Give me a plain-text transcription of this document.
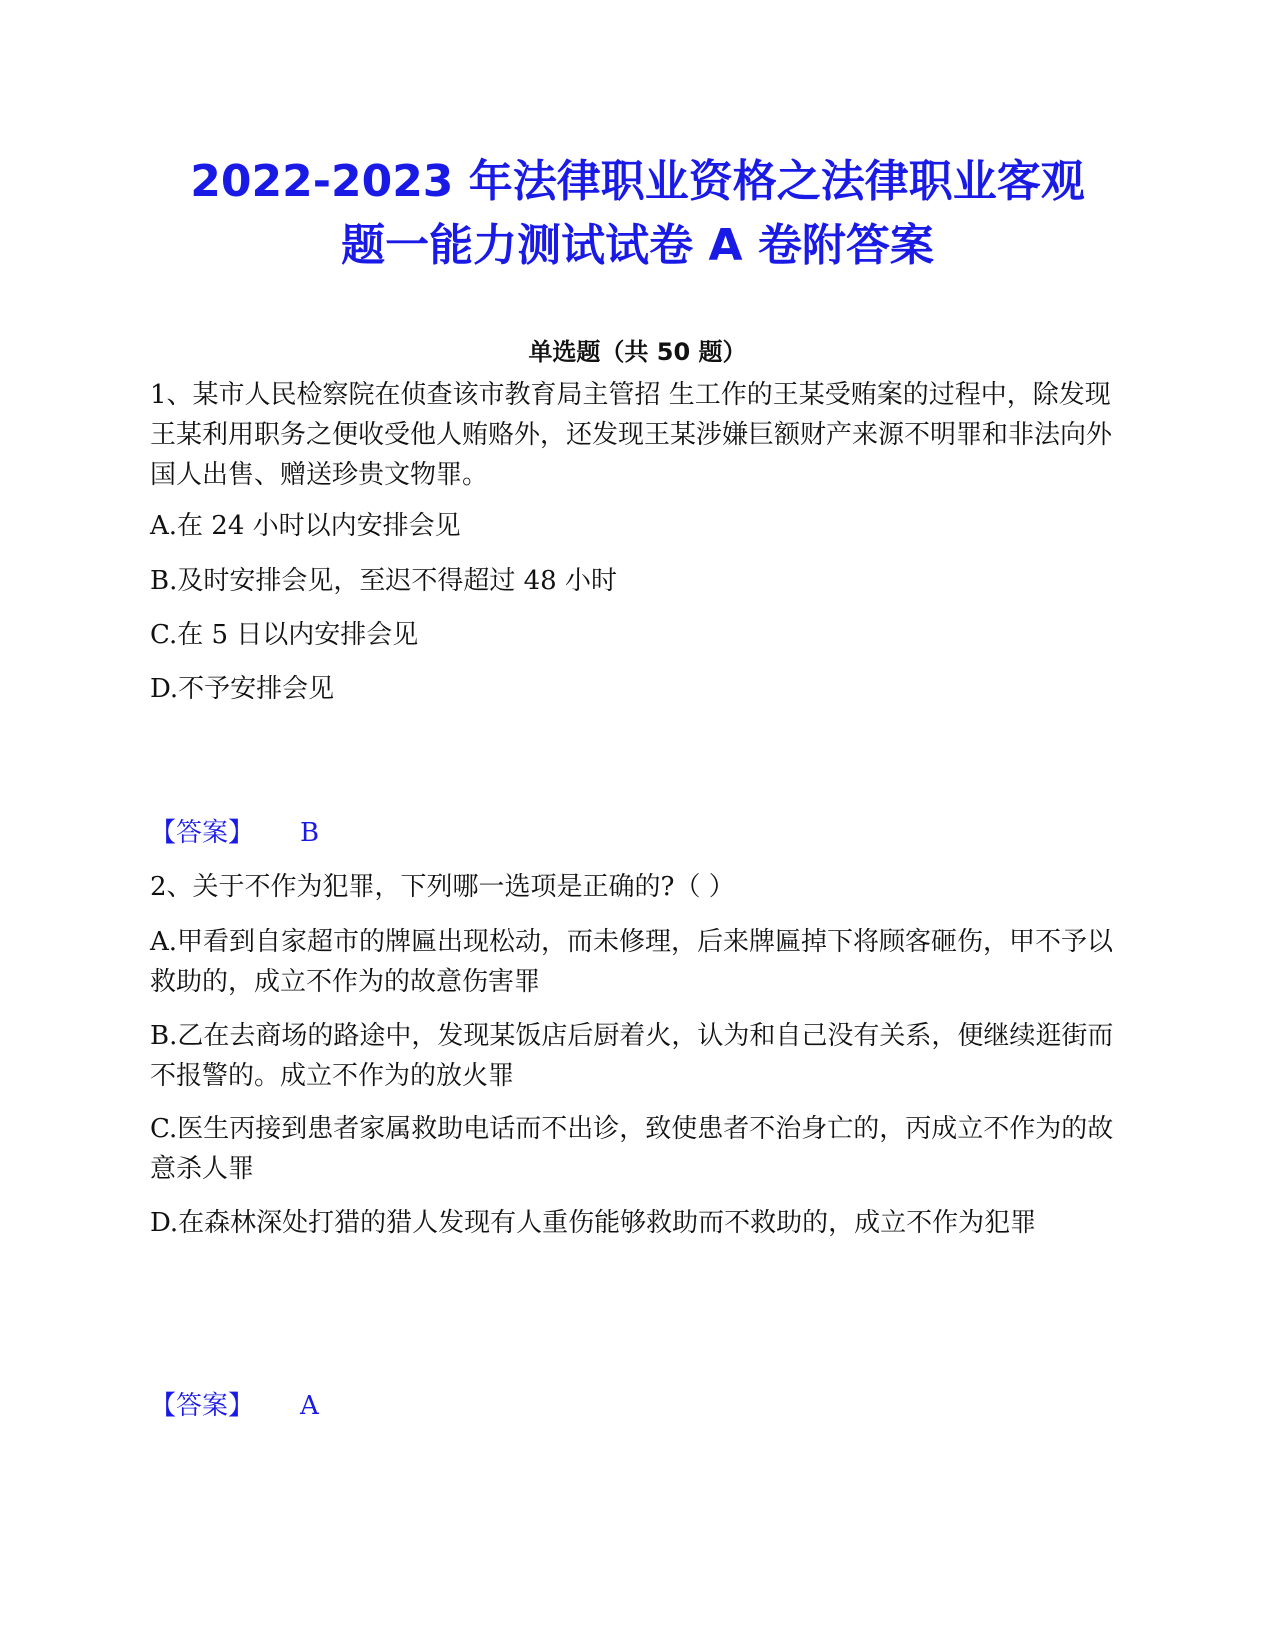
2022-2023 年法律职业资格之法律职业客观
题一能力测试试卷 A 卷附答案
单选题（共 50 题）

1、某市人民检察院在侦查该市教育局主管招 生工作的王某受贿案的过程中，除发现王某利用职务之便收受他人贿赂外，还发现王某涉嫌巨额财产来源不明罪和非法向外国人出售、赠送珍贵文物罪。

A.在 24 小时以内安排会见

B.及时安排会见，至迟不得超过 48 小时

C.在 5 日以内安排会见

D.不予安排会见

【答案】 B

2、关于不作为犯罪，下列哪一选项是正确的?（ ）

A.甲看到自家超市的牌匾出现松动，而未修理，后来牌匾掉下将顾客砸伤，甲不予以救助的，成立不作为的故意伤害罪

B.乙在去商场的路途中，发现某饭店后厨着火，认为和自己没有关系，便继续逛街而不报警的。成立不作为的放火罪

C.医生丙接到患者家属救助电话而不出诊，致使患者不治身亡的，丙成立不作为的故意杀人罪

D.在森林深处打猎的猎人发现有人重伤能够救助而不救助的，成立不作为犯罪

【答案】 A
